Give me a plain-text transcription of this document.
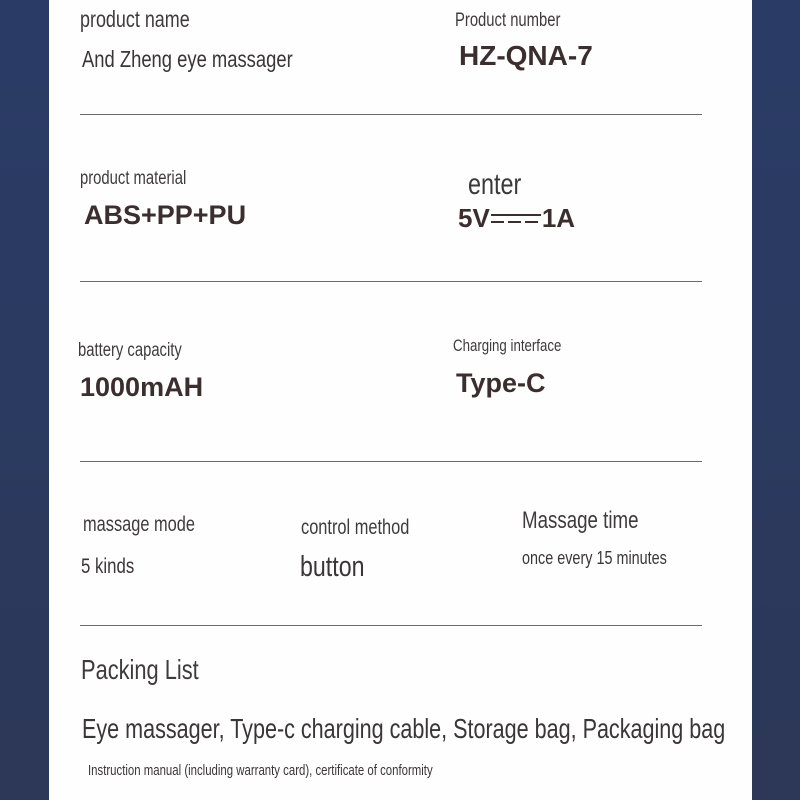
product name
And Zheng eye massager
Product number
HZ-QNA-7
product material
ABS+PP+PU
enter
5V 1A
battery capacity
1000mAH
Charging interface
Type-C
massage mode
5 kinds
control method
button
Massage time
once every 15 minutes
Packing List
Eye massager, Type-c charging cable, Storage bag, Packaging bag
Instruction manual (including warranty card), certificate of conformity
